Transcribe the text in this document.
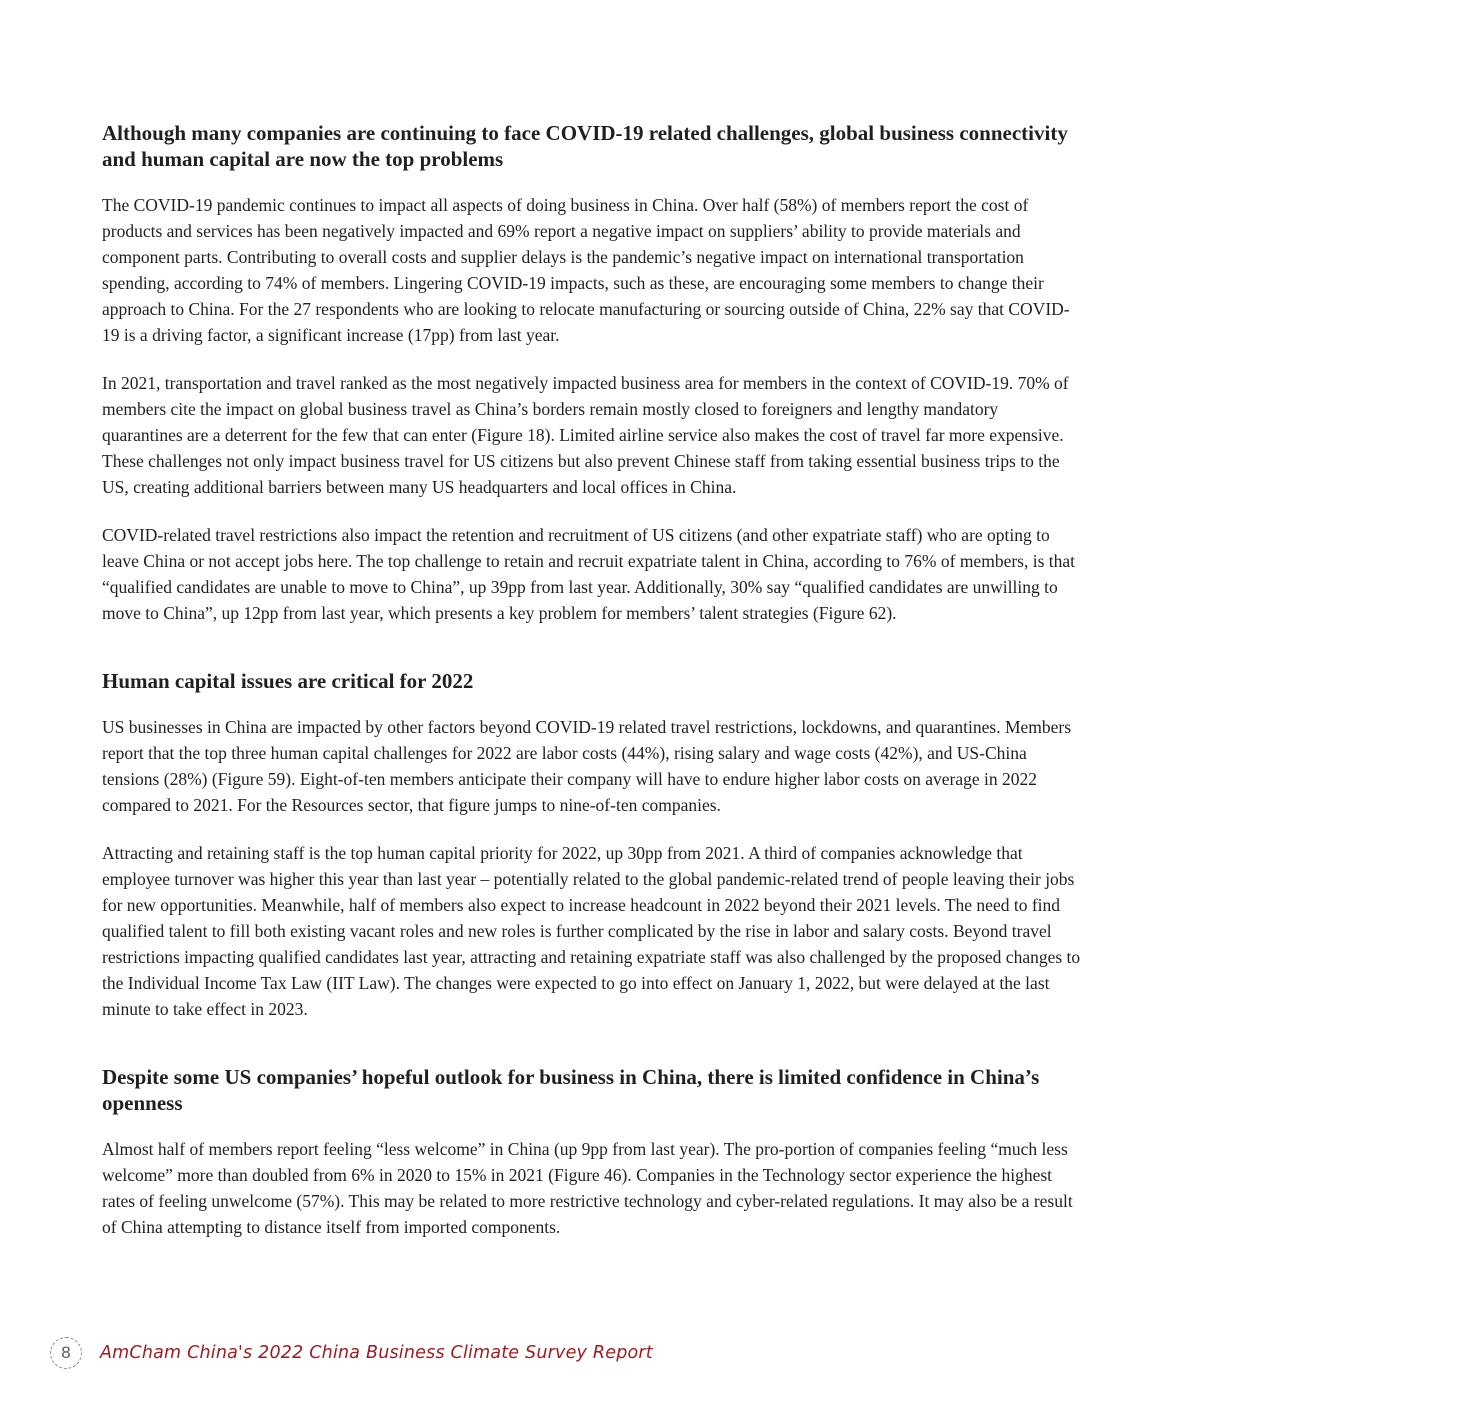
Although many companies are continuing to face COVID-19 related challenges, global business connectivity and human capital are now the top problems

The COVID-19 pandemic continues to impact all aspects of doing business in China. Over half (58%) of members report the cost of products and services has been negatively impacted and 69% report a negative impact on suppliers’ ability to provide materials and component parts. Contributing to overall costs and supplier delays is the pandemic’s negative impact on international transportation spending, according to 74% of members. Lingering COVID-19 impacts, such as these, are encouraging some members to change their approach to China. For the 27 respondents who are looking to relocate manufacturing or sourcing outside of China, 22% say that COVID-19 is a driving factor, a significant increase (17pp) from last year.

In 2021, transportation and travel ranked as the most negatively impacted business area for members in the context of COVID-19. 70% of members cite the impact on global business travel as China’s borders remain mostly closed to foreigners and lengthy mandatory quarantines are a deterrent for the few that can enter (Figure 18). Limited airline service also makes the cost of travel far more expensive. These challenges not only impact business travel for US citizens but also prevent Chinese staff from taking essential business trips to the US, creating additional barriers between many US headquarters and local offices in China.

COVID-related travel restrictions also impact the retention and recruitment of US citizens (and other expatriate staff) who are opting to leave China or not accept jobs here. The top challenge to retain and recruit expatriate talent in China, according to 76% of members, is that “qualified candidates are unable to move to China”, up 39pp from last year. Additionally, 30% say “qualified candidates are unwilling to move to China”, up 12pp from last year, which presents a key problem for members’ talent strategies (Figure 62).

Human capital issues are critical for 2022

US businesses in China are impacted by other factors beyond COVID-19 related travel restrictions, lockdowns, and quarantines. Members report that the top three human capital challenges for 2022 are labor costs (44%), rising salary and wage costs (42%), and US-China tensions (28%) (Figure 59). Eight-of-ten members anticipate their company will have to endure higher labor costs on average in 2022 compared to 2021. For the Resources sector, that figure jumps to nine-of-ten companies.

Attracting and retaining staff is the top human capital priority for 2022, up 30pp from 2021. A third of companies acknowledge that employee turnover was higher this year than last year – potentially related to the global pandemic-related trend of people leaving their jobs for new opportunities. Meanwhile, half of members also expect to increase headcount in 2022 beyond their 2021 levels. The need to find qualified talent to fill both existing vacant roles and new roles is further complicated by the rise in labor and salary costs. Beyond travel restrictions impacting qualified candidates last year, attracting and retaining expatriate staff was also challenged by the proposed changes to the Individual Income Tax Law (IIT Law). The changes were expected to go into effect on January 1, 2022, but were delayed at the last minute to take effect in 2023.

Despite some US companies’ hopeful outlook for business in China, there is limited confidence in China’s openness

Almost half of members report feeling “less welcome” in China (up 9pp from last year). The pro-portion of companies feeling “much less welcome” more than doubled from 6% in 2020 to 15% in 2021 (Figure 46). Companies in the Technology sector experience the highest rates of feeling unwelcome (57%). This may be related to more restrictive technology and cyber-related regulations. It may also be a result of China attempting to distance itself from imported components.

8 AmCham China's 2022 China Business Climate Survey Report
